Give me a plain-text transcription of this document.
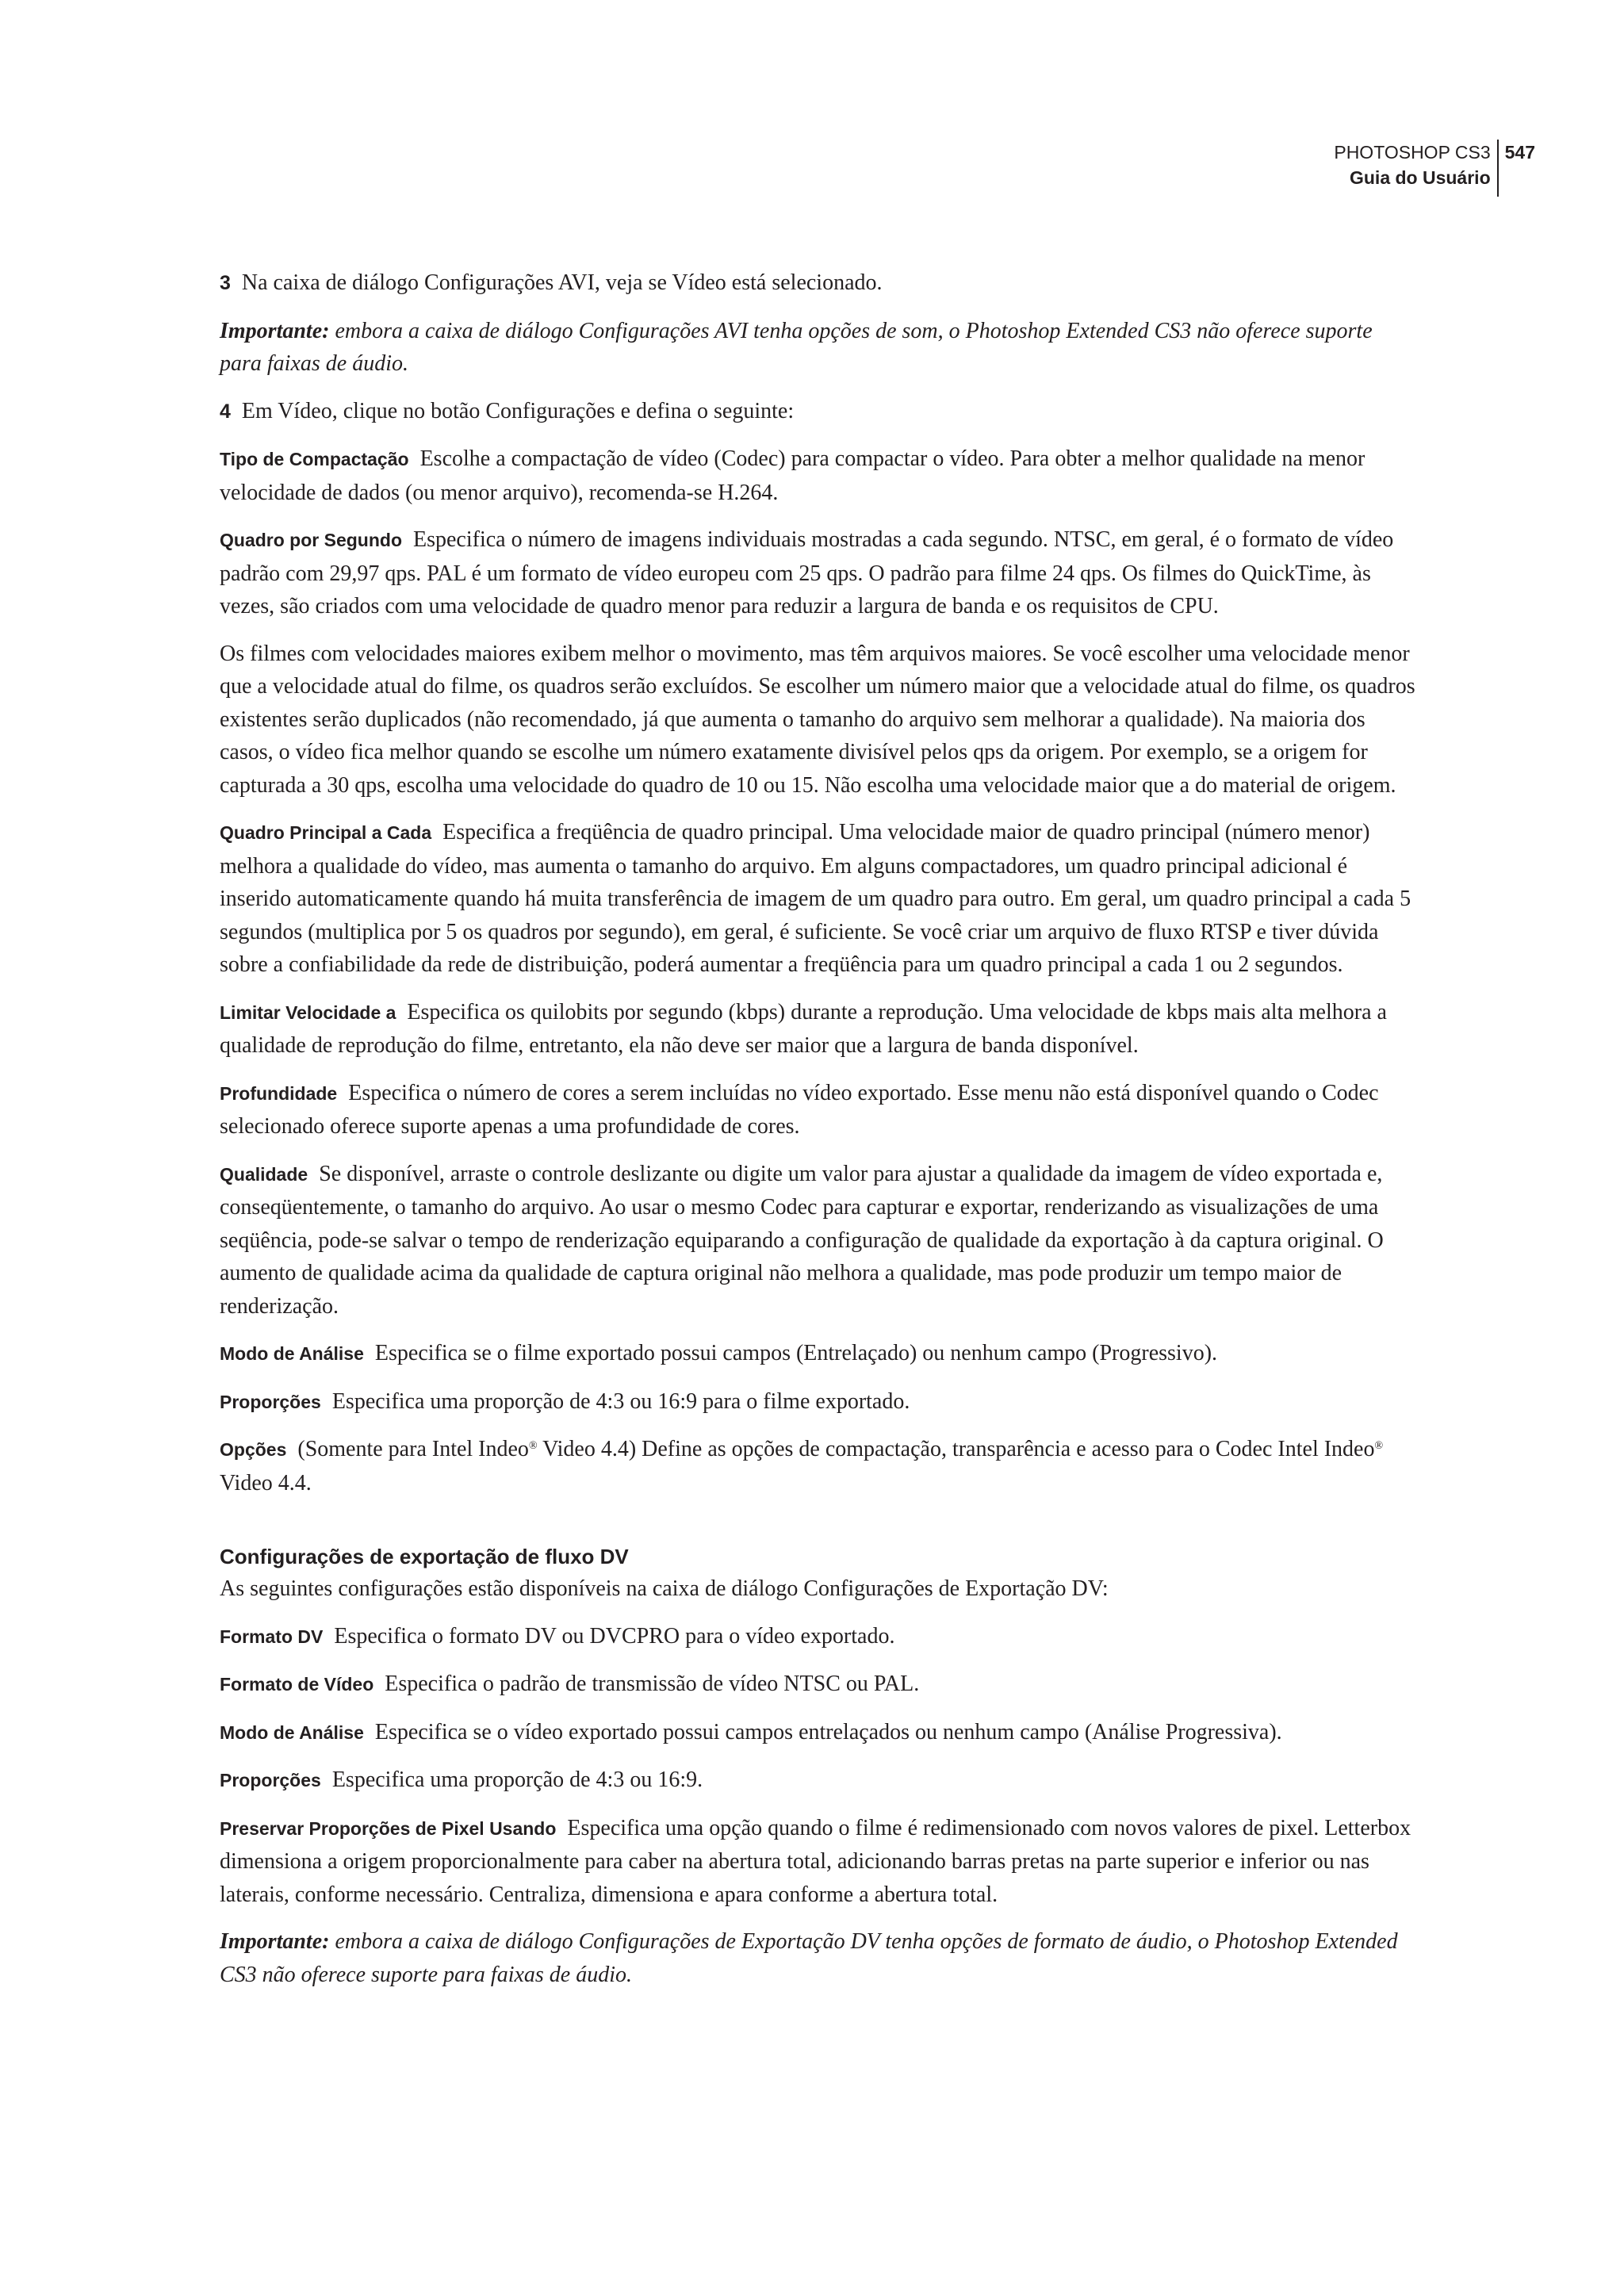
PHOTOSHOP CS3
Guia do Usuário
547

3 Na caixa de diálogo Configurações AVI, veja se Vídeo está selecionado.

Importante: embora a caixa de diálogo Configurações AVI tenha opções de som, o Photoshop Extended CS3 não oferece suporte para faixas de áudio.

4 Em Vídeo, clique no botão Configurações e defina o seguinte:

Tipo de Compactação Escolhe a compactação de vídeo (Codec) para compactar o vídeo. Para obter a melhor qualidade na menor velocidade de dados (ou menor arquivo), recomenda-se H.264.

Quadro por Segundo Especifica o número de imagens individuais mostradas a cada segundo. NTSC, em geral, é o formato de vídeo padrão com 29,97 qps. PAL é um formato de vídeo europeu com 25 qps. O padrão para filme 24 qps. Os filmes do QuickTime, às vezes, são criados com uma velocidade de quadro menor para reduzir a largura de banda e os requisitos de CPU.

Os filmes com velocidades maiores exibem melhor o movimento, mas têm arquivos maiores. Se você escolher uma velocidade menor que a velocidade atual do filme, os quadros serão excluídos. Se escolher um número maior que a velocidade atual do filme, os quadros existentes serão duplicados (não recomendado, já que aumenta o tamanho do arquivo sem melhorar a qualidade). Na maioria dos casos, o vídeo fica melhor quando se escolhe um número exatamente divisível pelos qps da origem. Por exemplo, se a origem for capturada a 30 qps, escolha uma velocidade do quadro de 10 ou 15. Não escolha uma velocidade maior que a do material de origem.

Quadro Principal a Cada Especifica a freqüência de quadro principal. Uma velocidade maior de quadro principal (número menor) melhora a qualidade do vídeo, mas aumenta o tamanho do arquivo. Em alguns compactadores, um quadro principal adicional é inserido automaticamente quando há muita transferência de imagem de um quadro para outro. Em geral, um quadro principal a cada 5 segundos (multiplica por 5 os quadros por segundo), em geral, é suficiente. Se você criar um arquivo de fluxo RTSP e tiver dúvida sobre a confiabilidade da rede de distribuição, poderá aumentar a freqüência para um quadro principal a cada 1 ou 2 segundos.

Limitar Velocidade a Especifica os quilobits por segundo (kbps) durante a reprodução. Uma velocidade de kbps mais alta melhora a qualidade de reprodução do filme, entretanto, ela não deve ser maior que a largura de banda disponível.

Profundidade Especifica o número de cores a serem incluídas no vídeo exportado. Esse menu não está disponível quando o Codec selecionado oferece suporte apenas a uma profundidade de cores.

Qualidade Se disponível, arraste o controle deslizante ou digite um valor para ajustar a qualidade da imagem de vídeo exportada e, conseqüentemente, o tamanho do arquivo. Ao usar o mesmo Codec para capturar e exportar, renderizando as visualizações de uma seqüência, pode-se salvar o tempo de renderização equiparando a configuração de qualidade da exportação à da captura original. O aumento de qualidade acima da qualidade de captura original não melhora a qualidade, mas pode produzir um tempo maior de renderização.

Modo de Análise Especifica se o filme exportado possui campos (Entrelaçado) ou nenhum campo (Progressivo).

Proporções Especifica uma proporção de 4:3 ou 16:9 para o filme exportado.

Opções (Somente para Intel Indeo® Video 4.4) Define as opções de compactação, transparência e acesso para o Codec Intel Indeo® Video 4.4.

Configurações de exportação de fluxo DV

As seguintes configurações estão disponíveis na caixa de diálogo Configurações de Exportação DV:

Formato DV Especifica o formato DV ou DVCPRO para o vídeo exportado.

Formato de Vídeo Especifica o padrão de transmissão de vídeo NTSC ou PAL.

Modo de Análise Especifica se o vídeo exportado possui campos entrelaçados ou nenhum campo (Análise Progressiva).

Proporções Especifica uma proporção de 4:3 ou 16:9.

Preservar Proporções de Pixel Usando Especifica uma opção quando o filme é redimensionado com novos valores de pixel. Letterbox dimensiona a origem proporcionalmente para caber na abertura total, adicionando barras pretas na parte superior e inferior ou nas laterais, conforme necessário. Centraliza, dimensiona e apara conforme a abertura total.

Importante: embora a caixa de diálogo Configurações de Exportação DV tenha opções de formato de áudio, o Photoshop Extended CS3 não oferece suporte para faixas de áudio.
